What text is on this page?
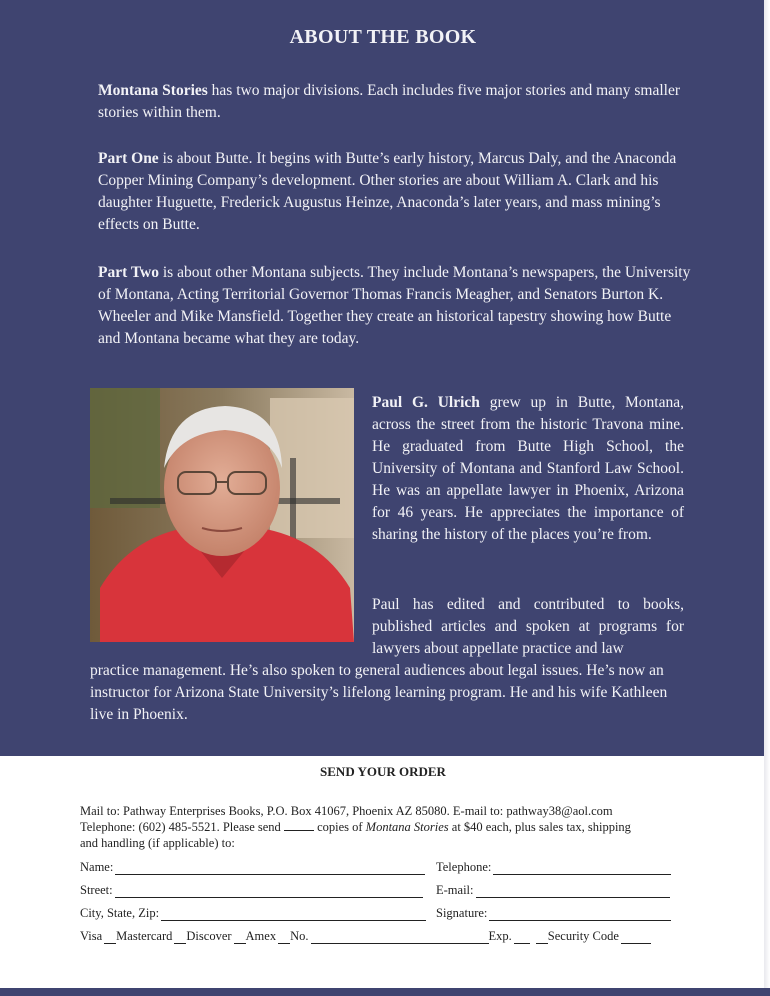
ABOUT THE BOOK
Montana Stories has two major divisions. Each includes five major stories and many smaller stories within them.
Part One is about Butte. It begins with Butte’s early history, Marcus Daly, and the Anaconda Copper Mining Company’s development. Other stories are about William A. Clark and his daughter Huguette, Frederick Augustus Heinze, Anaconda’s later years, and mass mining’s effects on Butte.
Part Two is about other Montana subjects. They include Montana’s newspapers, the University of Montana, Acting Territorial Governor Thomas Francis Meagher, and Senators Burton K. Wheeler and Mike Mansfield. Together they create an historical tapestry showing how Butte and Montana became what they are today.
Paul G. Ulrich grew up in Butte, Montana, across the street from the historic Travona mine. He graduated from Butte High School, the University of Montana and Stanford Law School. He was an appellate lawyer in Phoenix, Arizona for 46 years. He appreciates the importance of sharing the history of the places you’re from.
Paul has edited and contributed to books, published articles and spoken at programs for lawyers about appellate practice and law
practice management. He’s also spoken to general audiences about legal issues. He’s now an instructor for Arizona State University’s lifelong learning program. He and his wife Kathleen live in Phoenix.
SEND YOUR ORDER
Mail to: Pathway Enterprises Books, P.O. Box 41067, Phoenix AZ 85080. E-mail to: pathway38@aol.com
Telephone: (602) 485-5521. Please send	copies of Montana Stories at $40 each, plus sales tax, shipping
and handling (if applicable) to:
Name:	Telephone:
Street:	E-mail:
City, State, Zip:	Signature:
Visa Mastercard Discover Amex No.	Exp.	Security Code
